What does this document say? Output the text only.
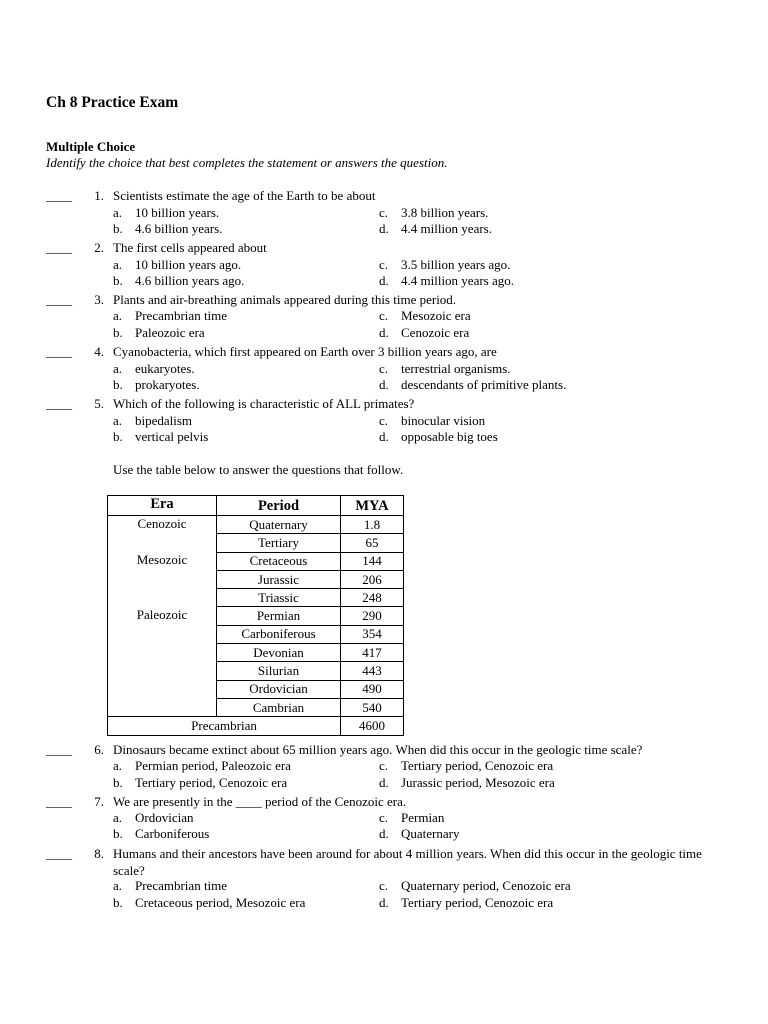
Ch 8 Practice Exam
Multiple Choice
Identify the choice that best completes the statement or answers the question.
____	1. Scientists estimate the age of the Earth to be about
a. 10 billion years.
b. 4.6 billion years.
c. 3.8 billion years.
d. 4.4 million years.
____	2. The first cells appeared about
a. 10 billion years ago.
b. 4.6 billion years ago.
c. 3.5 billion years ago.
d. 4.4 million years ago.
____	3. Plants and air-breathing animals appeared during this time period.
a. Precambrian time
b. Paleozoic era
c. Mesozoic era
d. Cenozoic era
____	4. Cyanobacteria, which first appeared on Earth over 3 billion years ago, are
a. eukaryotes.
b. prokaryotes.
c. terrestrial organisms.
d. descendants of primitive plants.
____	5. Which of the following is characteristic of ALL primates?
a. bipedalism
b. vertical pelvis
c. binocular vision
d. opposable big toes
Use the table below to answer the questions that follow.
Era	Period	MYA
Cenozoic	Quaternary	1.8
	Tertiary	65
Mesozoic	Cretaceous	144
	Jurassic	206
	Triassic	248
Paleozoic	Permian	290
	Carboniferous	354
	Devonian	417
	Silurian	443
	Ordovician	490
	Cambrian	540
Precambrian		4600
____	6. Dinosaurs became extinct about 65 million years ago. When did this occur in the geologic time scale?
a. Permian period, Paleozoic era
b. Tertiary period, Cenozoic era
c. Tertiary period, Cenozoic era
d. Jurassic period, Mesozoic era
____	7. We are presently in the ____ period of the Cenozoic era.
a. Ordovician
b. Carboniferous
c. Permian
d. Quaternary
____	8. Humans and their ancestors have been around for about 4 million years. When did this occur in the geologic time scale?
a. Precambrian time
b. Cretaceous period, Mesozoic era
c. Quaternary period, Cenozoic era
d. Tertiary period, Cenozoic era
